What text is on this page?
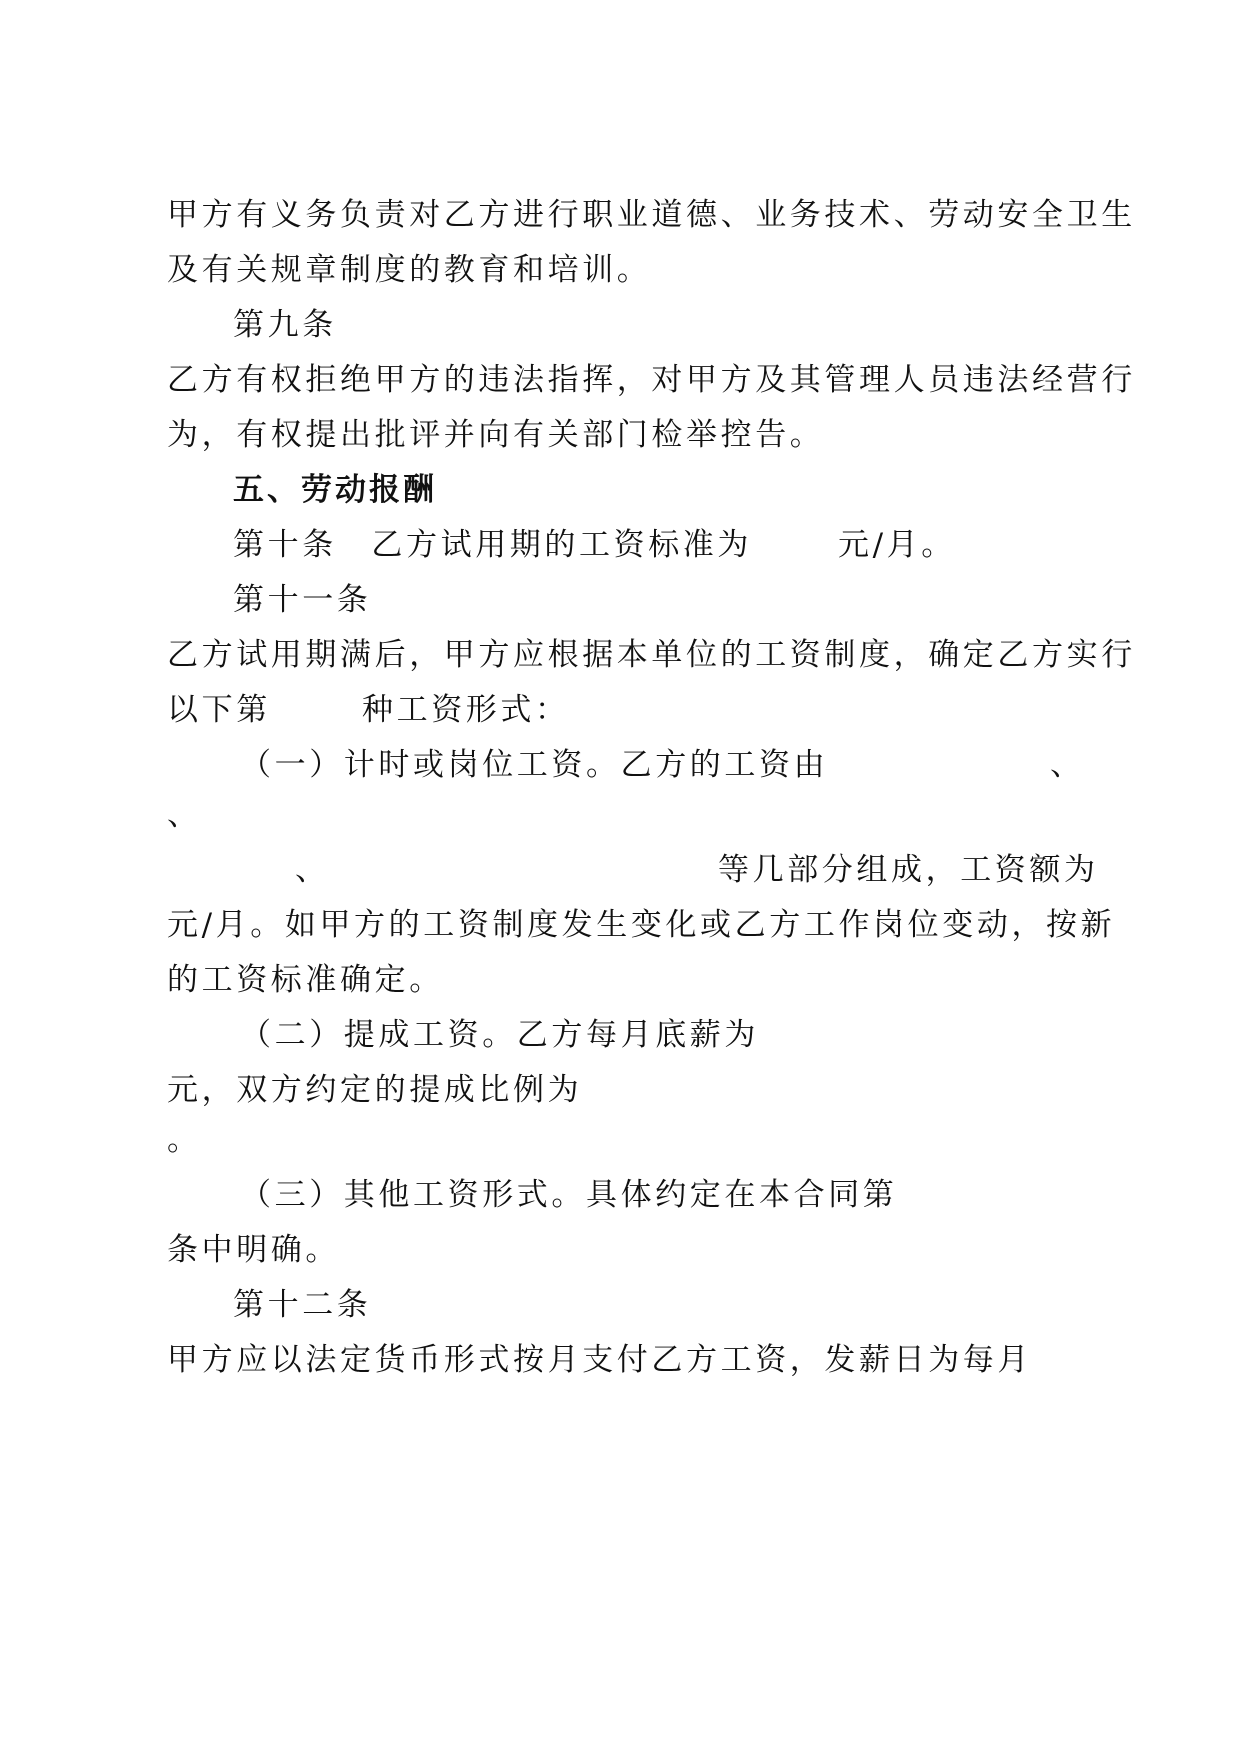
甲方有义务负责对乙方进行职业道德、业务技术、劳动安全卫生
及有关规章制度的教育和培训。
第九条
乙方有权拒绝甲方的违法指挥，对甲方及其管理人员违法经营行
为，有权提出批评并向有关部门检举控告。
五、劳动报酬
第十条　乙方试用期的工资标准为	元/月。
第十一条
乙方试用期满后，甲方应根据本单位的工资制度，确定乙方实行
以下第	种工资形式：
（一）计时或岗位工资。乙方的工资由	、
、
、	等几部分组成，工资额为
元/月。如甲方的工资制度发生变化或乙方工作岗位变动，按新
的工资标准确定。
（二）提成工资。乙方每月底薪为
元，双方约定的提成比例为
。
（三）其他工资形式。具体约定在本合同第
条中明确。
第十二条
甲方应以法定货币形式按月支付乙方工资，发薪日为每月
